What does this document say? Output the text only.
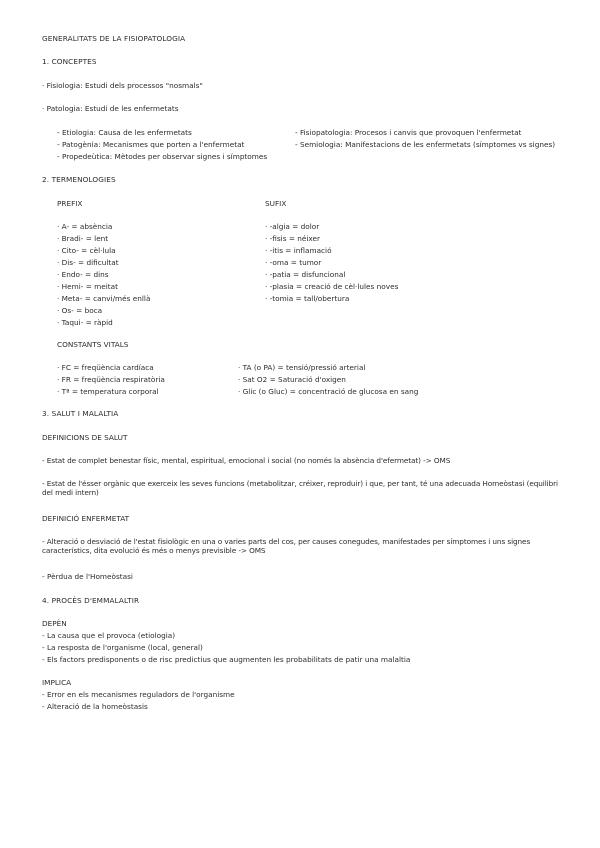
GENERALITATS DE LA FISIOPATOLOGIA
1. CONCEPTES
· Fisiologia: Estudi dels processos "nosmals"
· Patologia: Estudi de les enfermetats
- Etiologia: Causa de les enfermetats
- Patogènia: Mecanismes que porten a l'enfermetat
- Propedeùtica: Mètodes per observar signes i símptomes
- Fisiopatologia: Procesos i canvis que provoquen l'enfermetat
- Semiologia: Manifestacions de les enfermetats (símptomes vs signes)
2. TERMENOLOGIES
PREFIX	SUFIX
· A- = absència
· Bradi- = lent
· Cito- = cèl·lula
· Dis- = dificultat
· Endo- = dins
· Hemi- = meitat
· Meta- = canvi/més enllà
· Os- = boca
· Taqui- = ràpid
· -algia = dolor
· -fisis = néixer
· -itis = inflamació
· -oma = tumor
· -patia = disfuncional
· -plasia = creació de cèl·lules noves
· -tomia = tall/obertura
CONSTANTS VITALS
· FC = freqüència cardíaca
· FR = freqüència respiratòria
· Tª = temperatura corporal
· TA (o PA) = tensió/pressió arterial
· Sat O2 = Saturació d'oxigen
· Glic (o Gluc) = concentració de glucosa en sang
3. SALUT I MALALTIA
DEFINICIONS DE SALUT
- Estat de complet benestar físic, mental, espiritual, emocional i social (no només la absència d'efermetat) -> OMS
- Estat de l'ésser orgànic que exerceix les seves funcions (metabolitzar, créixer, reproduir) i que, per tant, té una adecuada Homeòstasi (equilibri del medi intern)
DEFINICIÓ ENFERMETAT
- Alteració o desviació de l'estat fisiològic en una o varies parts del cos, per causes conegudes, manifestades per símptomes i uns signes característics, dita evolució és més o menys previsible -> OMS
- Pèrdua de l'Homeòstasi
4. PROCÈS D'EMMALALTIR
DEPÈN
- La causa que el provoca (etiologia)
- La resposta de l'organisme (local, general)
- Els factors predisponents o de risc predictius que augmenten les probabilitats de patir una malaltia
IMPLICA
- Error en els mecanismes reguladors de l'organisme
- Alteració de la homeòstasis
